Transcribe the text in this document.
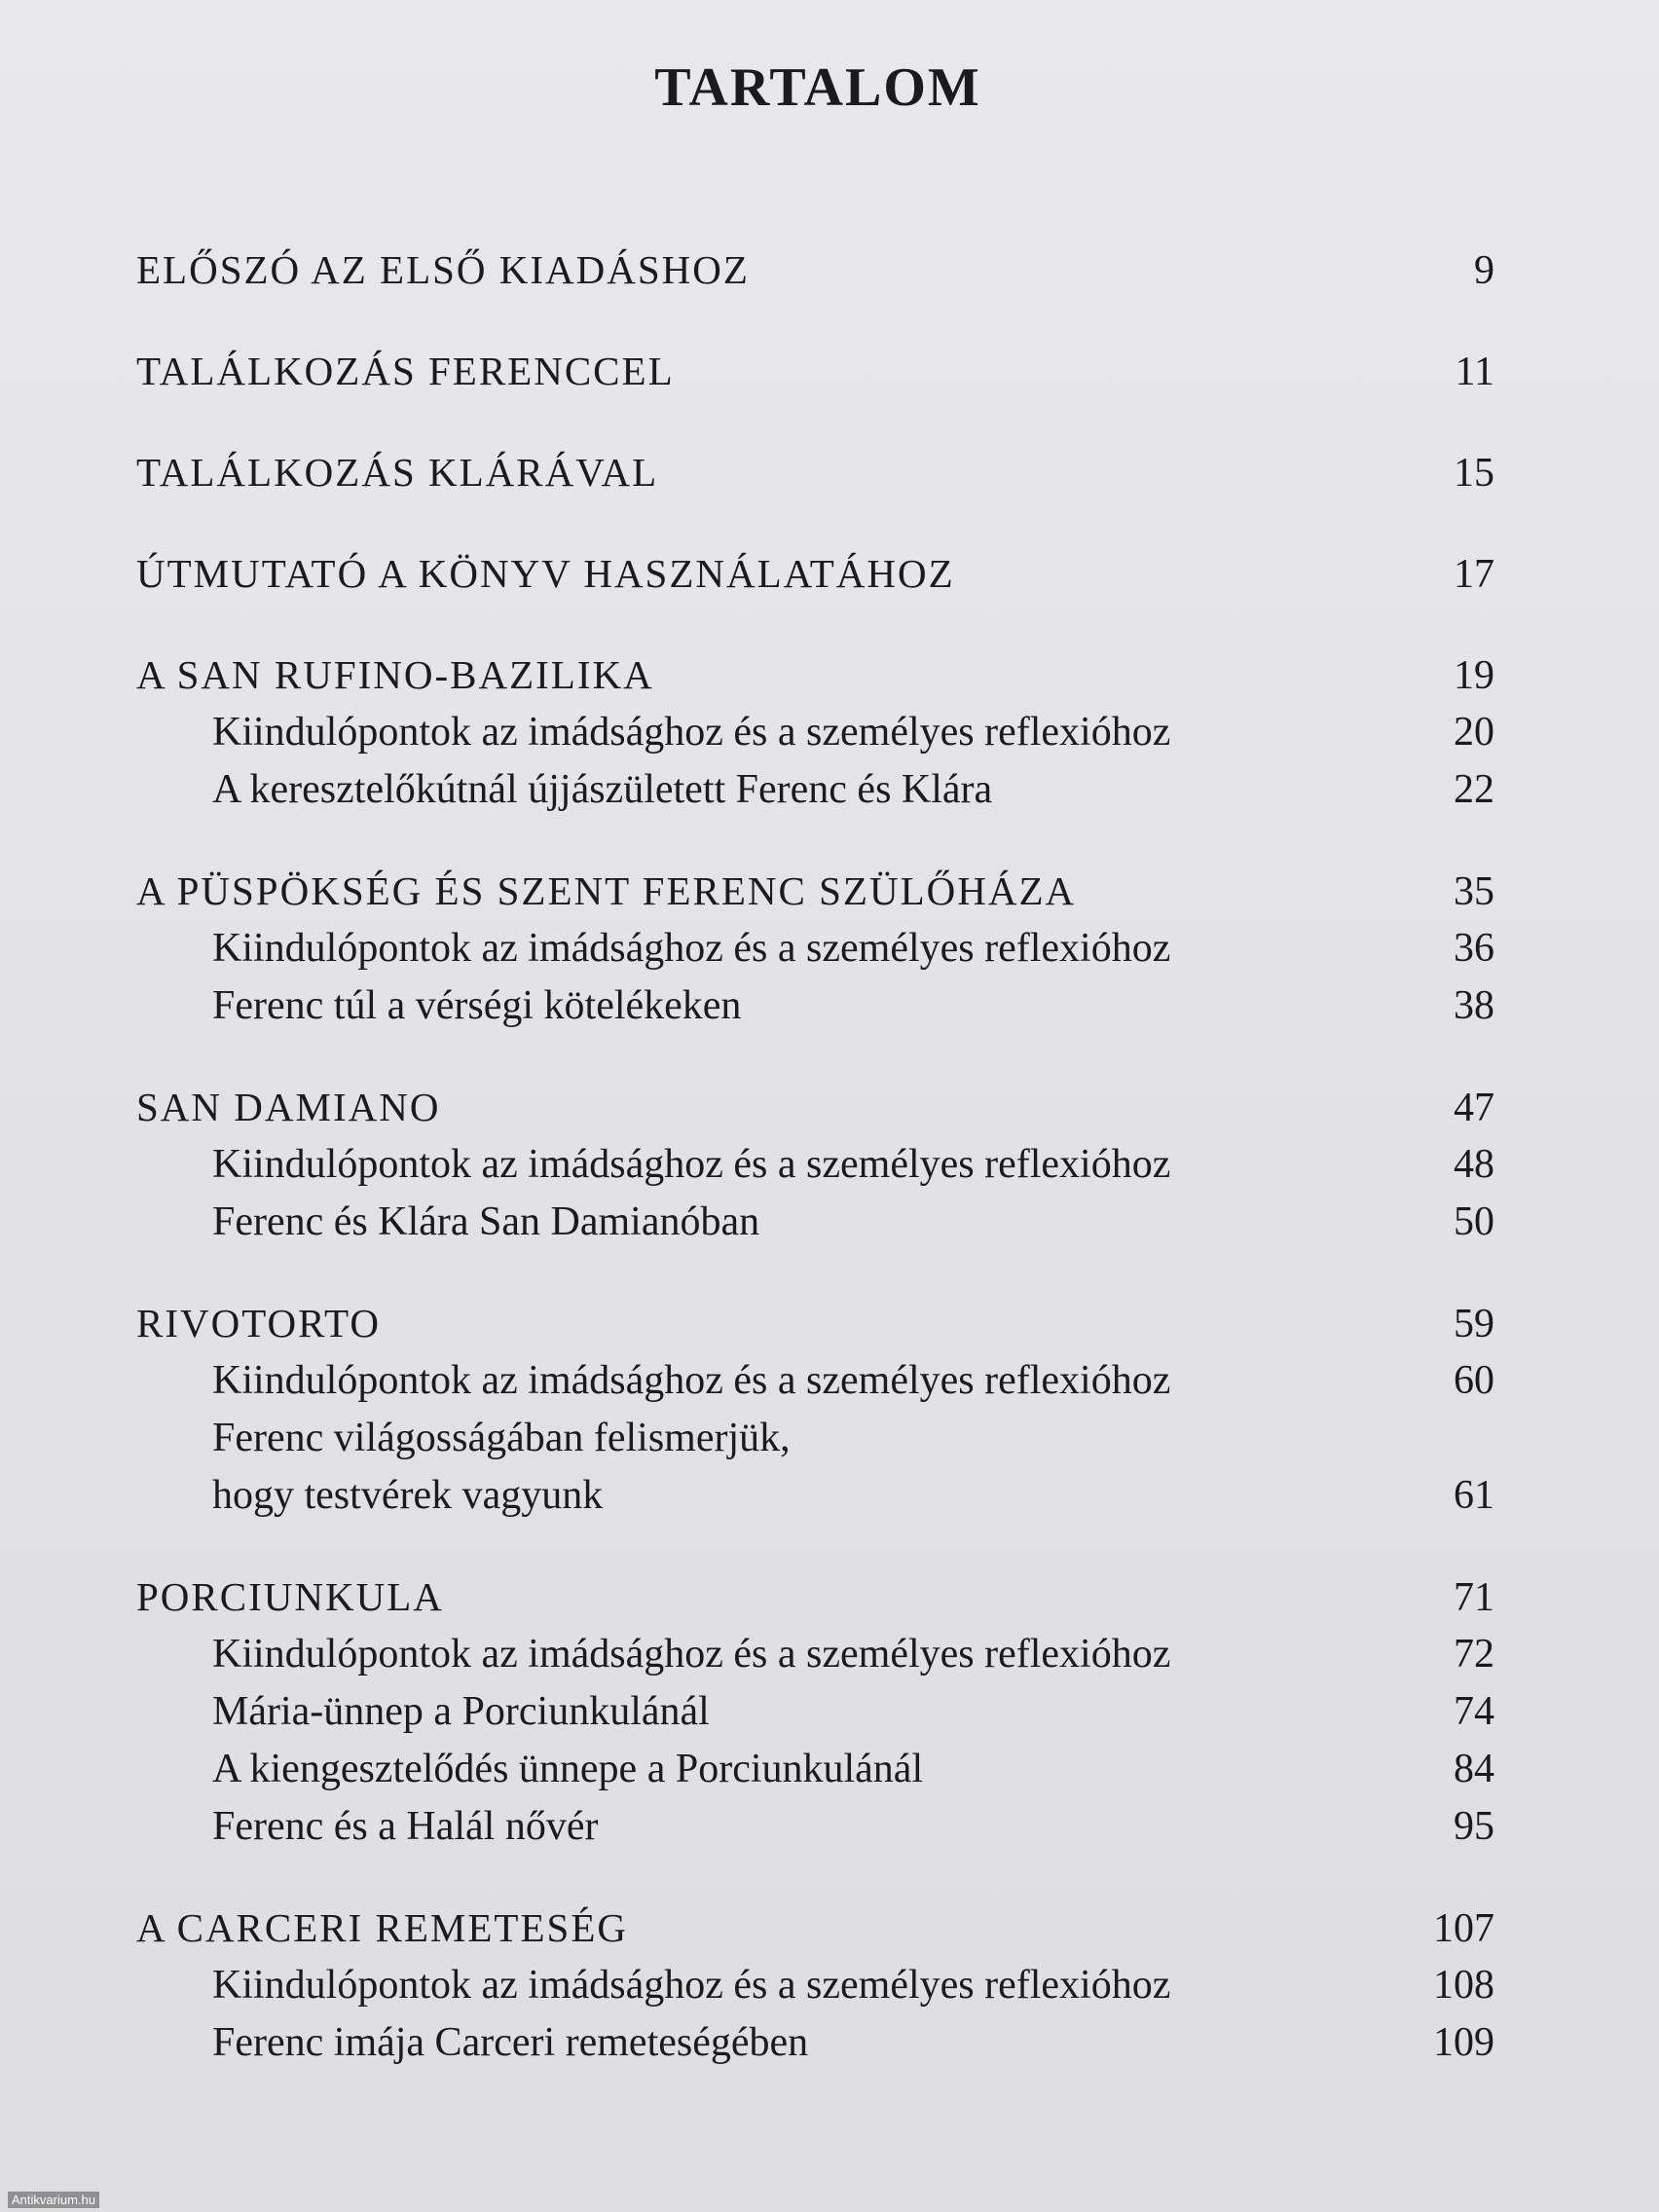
TARTALOM
ELŐSZÓ AZ ELSŐ KIADÁSHOZ	9
TALÁLKOZÁS FERENCCEL	11
TALÁLKOZÁS KLÁRÁVAL	15
ÚTMUTATÓ A KÖNYV HASZNÁLATÁHOZ	17
A SAN RUFINO-BAZILIKA	19
Kiindulópontok az imádsághoz és a személyes reflexióhoz	20
A keresztelőkútnál újjászületett Ferenc és Klára	22
A PÜSPÖKSÉG ÉS SZENT FERENC SZÜLŐHÁZA	35
Kiindulópontok az imádsághoz és a személyes reflexióhoz	36
Ferenc túl a vérségi kötelékeken	38
SAN DAMIANO	47
Kiindulópontok az imádsághoz és a személyes reflexióhoz	48
Ferenc és Klára San Damianóban	50
RIVOTORTO	59
Kiindulópontok az imádsághoz és a személyes reflexióhoz	60
Ferenc világosságában felismerjük,
hogy testvérek vagyunk	61
PORCIUNKULA	71
Kiindulópontok az imádsághoz és a személyes reflexióhoz	72
Mária-ünnep a Porciunkulánál	74
A kiengesztelődés ünnepe a Porciunkulánál	84
Ferenc és a Halál nővér	95
A CARCERI REMETESÉG	107
Kiindulópontok az imádsághoz és a személyes reflexióhoz	108
Ferenc imája Carceri remeteségében	109
Antikvarium.hu
